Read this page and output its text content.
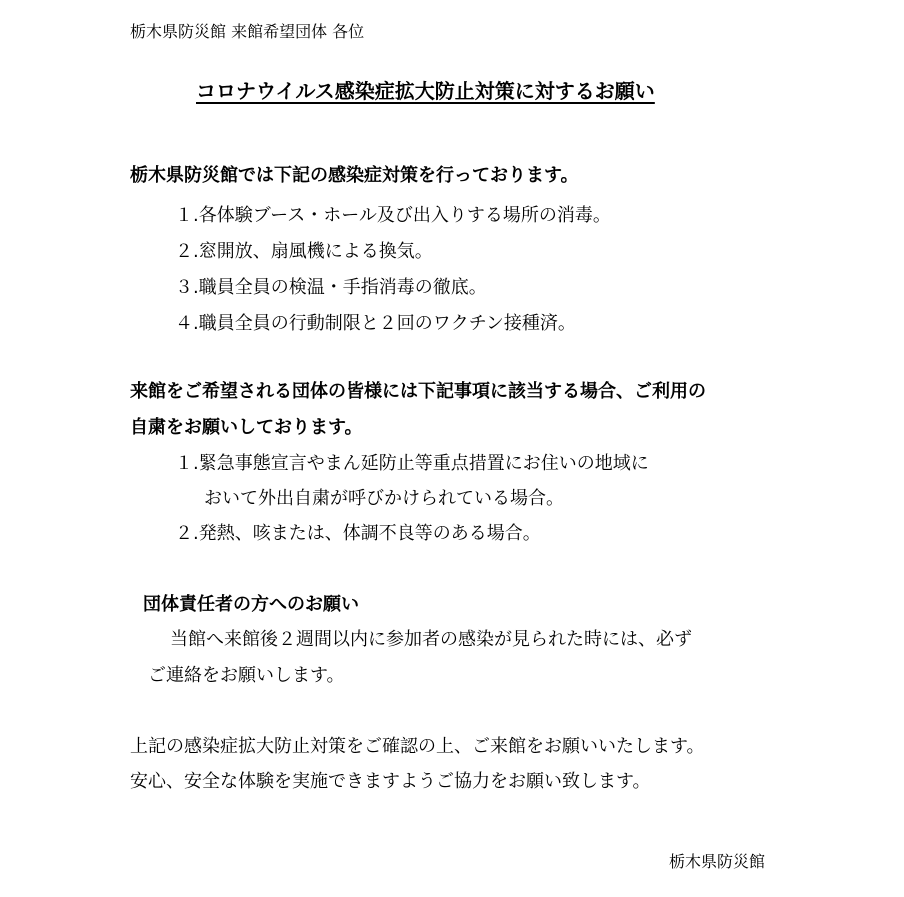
栃木県防災館 来館希望団体 各位
コロナウイルス感染症拡大防止対策に対するお願い
栃木県防災館では下記の感染症対策を行っております。
１.各体験ブース・ホール及び出入りする場所の消毒。
２.窓開放、扇風機による換気。
３.職員全員の検温・手指消毒の徹底。
４.職員全員の行動制限と２回のワクチン接種済。
来館をご希望される団体の皆様には下記事項に該当する場合、ご利用の
自粛をお願いしております。
１.緊急事態宣言やまん延防止等重点措置にお住いの地域に
おいて外出自粛が呼びかけられている場合。
２.発熱、咳または、体調不良等のある場合。
団体責任者の方へのお願い
当館へ来館後２週間以内に参加者の感染が見られた時には、必ず
ご連絡をお願いします。
上記の感染症拡大防止対策をご確認の上、ご来館をお願いいたします。
安心、安全な体験を実施できますようご協力をお願い致します。
栃木県防災館
